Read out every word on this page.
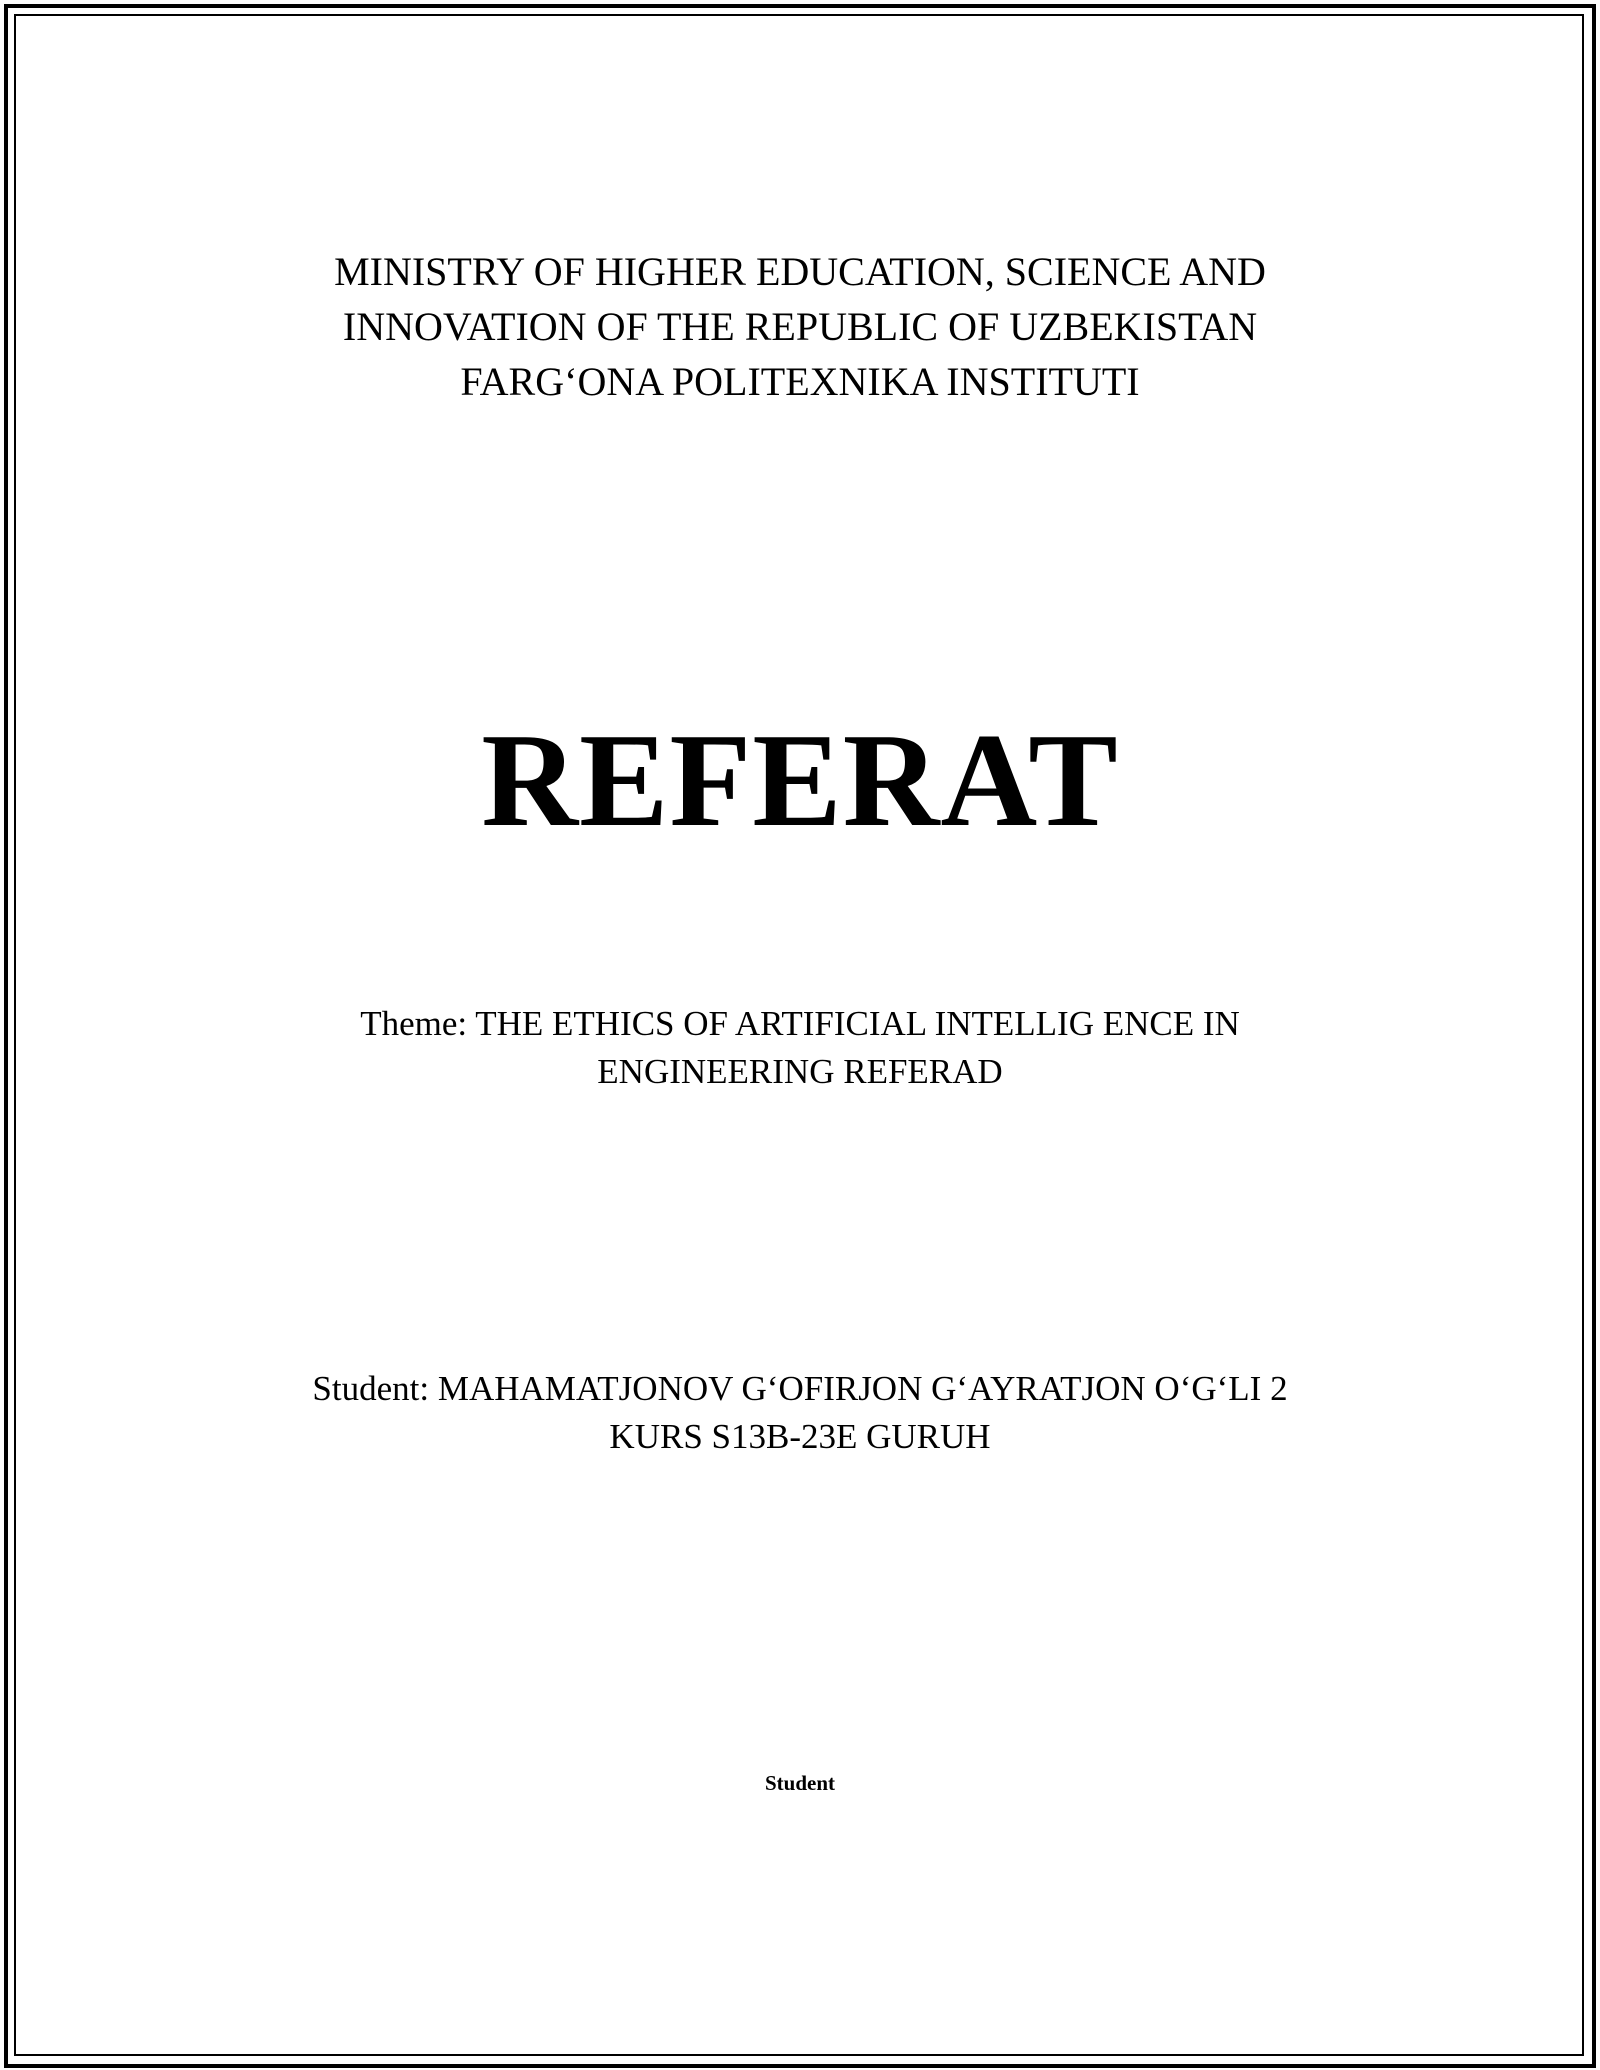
MINISTRY OF HIGHER EDUCATION, SCIENCE AND
INNOVATION OF THE REPUBLIC OF UZBEKISTAN
FARG‘ONA POLITEXNIKA INSTITUTI
REFERAT
Theme: THE ETHICS OF ARTIFICIAL INTELLIG ENCE IN
ENGINEERING REFERAD
Student: MAHAMATJONOV G‘OFIRJON G‘AYRATJON O‘G‘LI 2
KURS S13B-23E GURUH
Student
